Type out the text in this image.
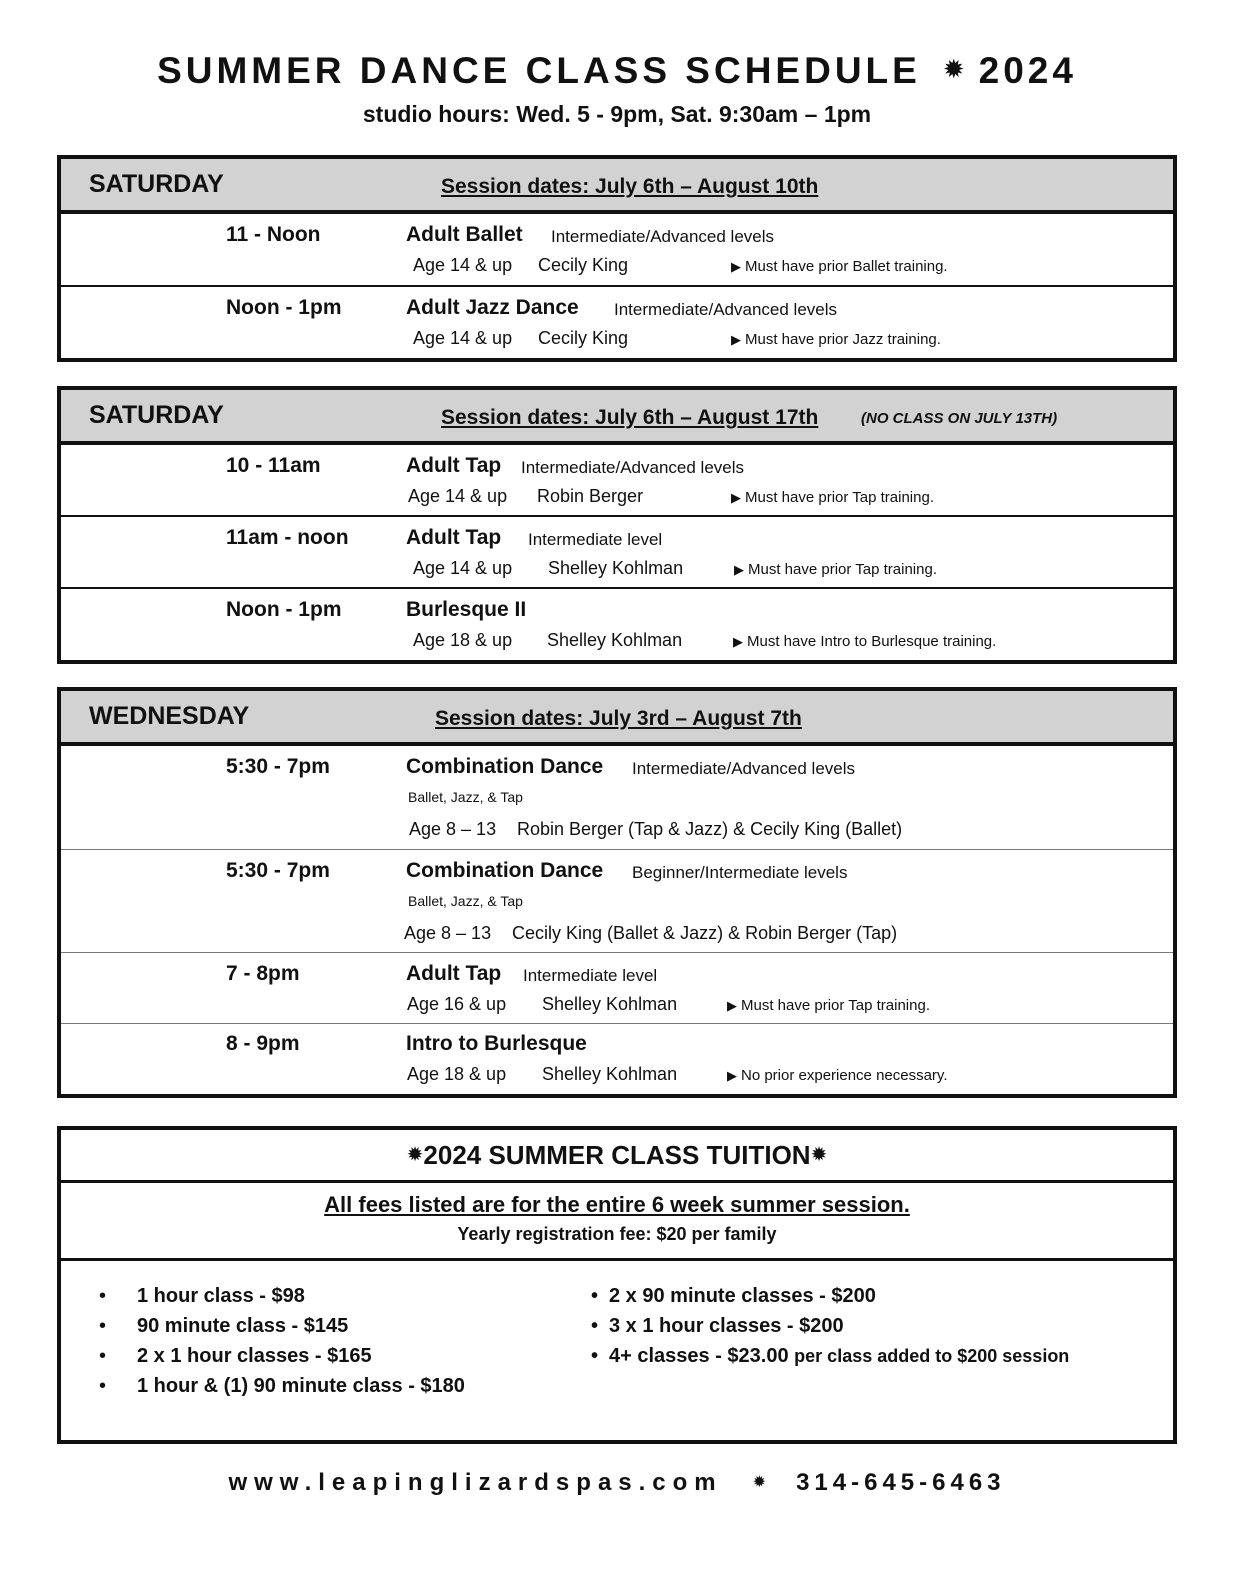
SUMMER DANCE CLASS SCHEDULE ✹ 2024
studio hours: Wed. 5 - 9pm, Sat. 9:30am – 1pm
SATURDAY	Session dates: July 6th – August 10th
11 - Noon	Adult Ballet Intermediate/Advanced levels
Age 14 & up Cecily King	▶ Must have prior Ballet training.
Noon - 1pm	Adult Jazz Dance Intermediate/Advanced levels
Age 14 & up Cecily King	▶ Must have prior Jazz training.
SATURDAY	Session dates: July 6th – August 17th	(NO CLASS ON JULY 13TH)
10 - 11am	Adult Tap Intermediate/Advanced levels
Age 14 & up Robin Berger	▶ Must have prior Tap training.
11am - noon	Adult Tap Intermediate level
Age 14 & up Shelley Kohlman	▶ Must have prior Tap training.
Noon - 1pm	Burlesque II
Age 18 & up Shelley Kohlman	▶ Must have Intro to Burlesque training.
WEDNESDAY	Session dates: July 3rd – August 7th
5:30 - 7pm	Combination Dance Intermediate/Advanced levels
Ballet, Jazz, & Tap
Age 8 – 13 Robin Berger (Tap & Jazz) & Cecily King (Ballet)
5:30 - 7pm	Combination Dance Beginner/Intermediate levels
Ballet, Jazz, & Tap
Age 8 – 13 Cecily King (Ballet & Jazz) & Robin Berger (Tap)
7 - 8pm	Adult Tap Intermediate level
Age 16 & up Shelley Kohlman	▶ Must have prior Tap training.
8 - 9pm	Intro to Burlesque
Age 18 & up Shelley Kohlman	▶ No prior experience necessary.
✹2024 SUMMER CLASS TUITION✹
All fees listed are for the entire 6 week summer session.
Yearly registration fee: $20 per family
• 1 hour class - $98
• 90 minute class - $145
• 2 x 1 hour classes - $165
• 1 hour & (1) 90 minute class - $180
• 2 x 90 minute classes - $200
• 3 x 1 hour classes - $200
• 4+ classes - $23.00 per class added to $200 session
www.leapinglizardspas.com ✹ 314-645-6463
